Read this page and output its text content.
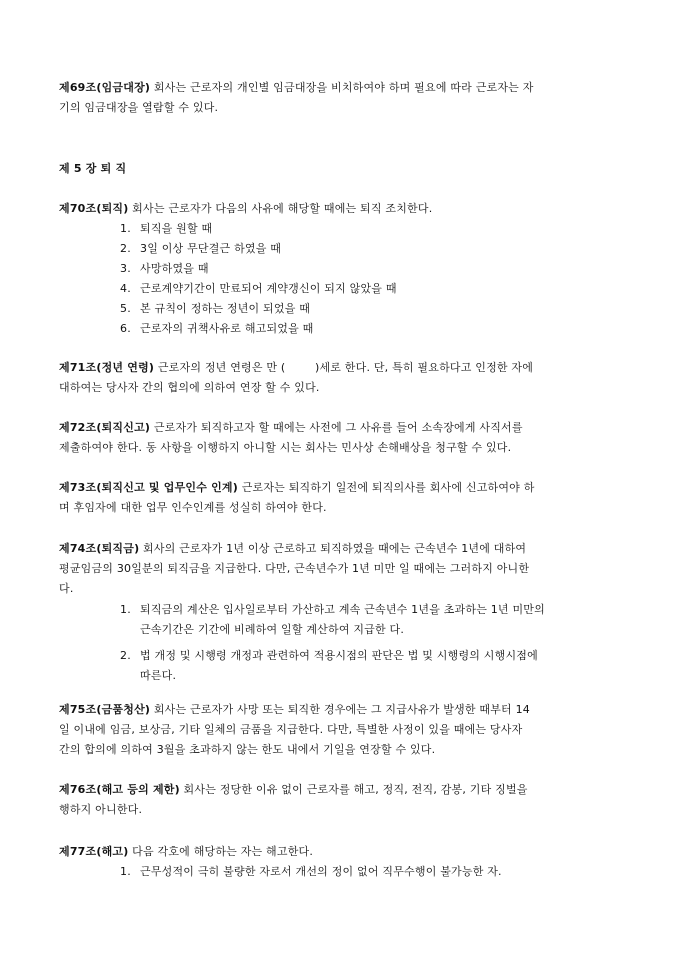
제69조(임금대장) 회사는 근로자의 개인별 임금대장을 비치하여야 하며 필요에 따라 근로자는 자
기의 임금대장을 열람할 수 있다.
제 5 장 퇴 직
제70조(퇴직) 회사는 근로자가 다음의 사유에 해당할 때에는 퇴직 조치한다.
1. 퇴직을 원할 때
2. 3일 이상 무단결근 하였을 때
3. 사망하였을 때
4. 근로계약기간이 만료되어 계약갱신이 되지 않았을 때
5. 본 규칙이 정하는 정년이 되었을 때
6. 근로자의 귀책사유로 해고되었을 때
제71조(정년 연령) 근로자의 정년 연령은 만 (        )세로 한다. 단, 특히 필요하다고 인정한 자에
대하여는 당사자 간의 협의에 의하여 연장 할 수 있다.
제72조(퇴직신고) 근로자가 퇴직하고자 할 때에는 사전에 그 사유를 들어 소속장에게 사직서를
제출하여야 한다. 동 사항을 이행하지 아니할 시는 회사는 민사상 손해배상을 청구할 수 있다.
제73조(퇴직신고 및 업무인수 인계) 근로자는 퇴직하기 일전에 퇴직의사를 회사에 신고하여야 하
며 후임자에 대한 업무 인수인계를 성실히 하여야 한다.
제74조(퇴직금) 회사의 근로자가 1년 이상 근로하고 퇴직하였을 때에는 근속년수 1년에 대하여
평균임금의 30일분의 퇴직금을 지급한다. 다만, 근속년수가 1년 미만 일 때에는 그러하지 아니한
다.
1. 퇴직금의 계산은 입사일로부터 가산하고 계속 근속년수 1년을 초과하는 1년 미만의
근속기간은 기간에 비례하여 일할 계산하여 지급한 다.
2. 법 개정 및 시행령 개정과 관련하여 적용시점의 판단은 법 및 시행령의 시행시점에
따른다.
제75조(금품청산) 회사는 근로자가 사망 또는 퇴직한 경우에는 그 지급사유가 발생한 때부터 14
일 이내에 임금, 보상금, 기타 일체의 금품을 지급한다. 다만, 특별한 사정이 있을 때에는 당사자
간의 합의에 의하여 3월을 초과하지 않는 한도 내에서 기일을 연장할 수 있다.
제76조(해고 등의 제한) 회사는 정당한 이유 없이 근로자를 해고, 정직, 전직, 감봉, 기타 징벌을
행하지 아니한다.
제77조(해고) 다음 각호에 해당하는 자는 해고한다.
1. 근무성적이 극히 불량한 자로서 개선의 정이 없어 직무수행이 불가능한 자.
